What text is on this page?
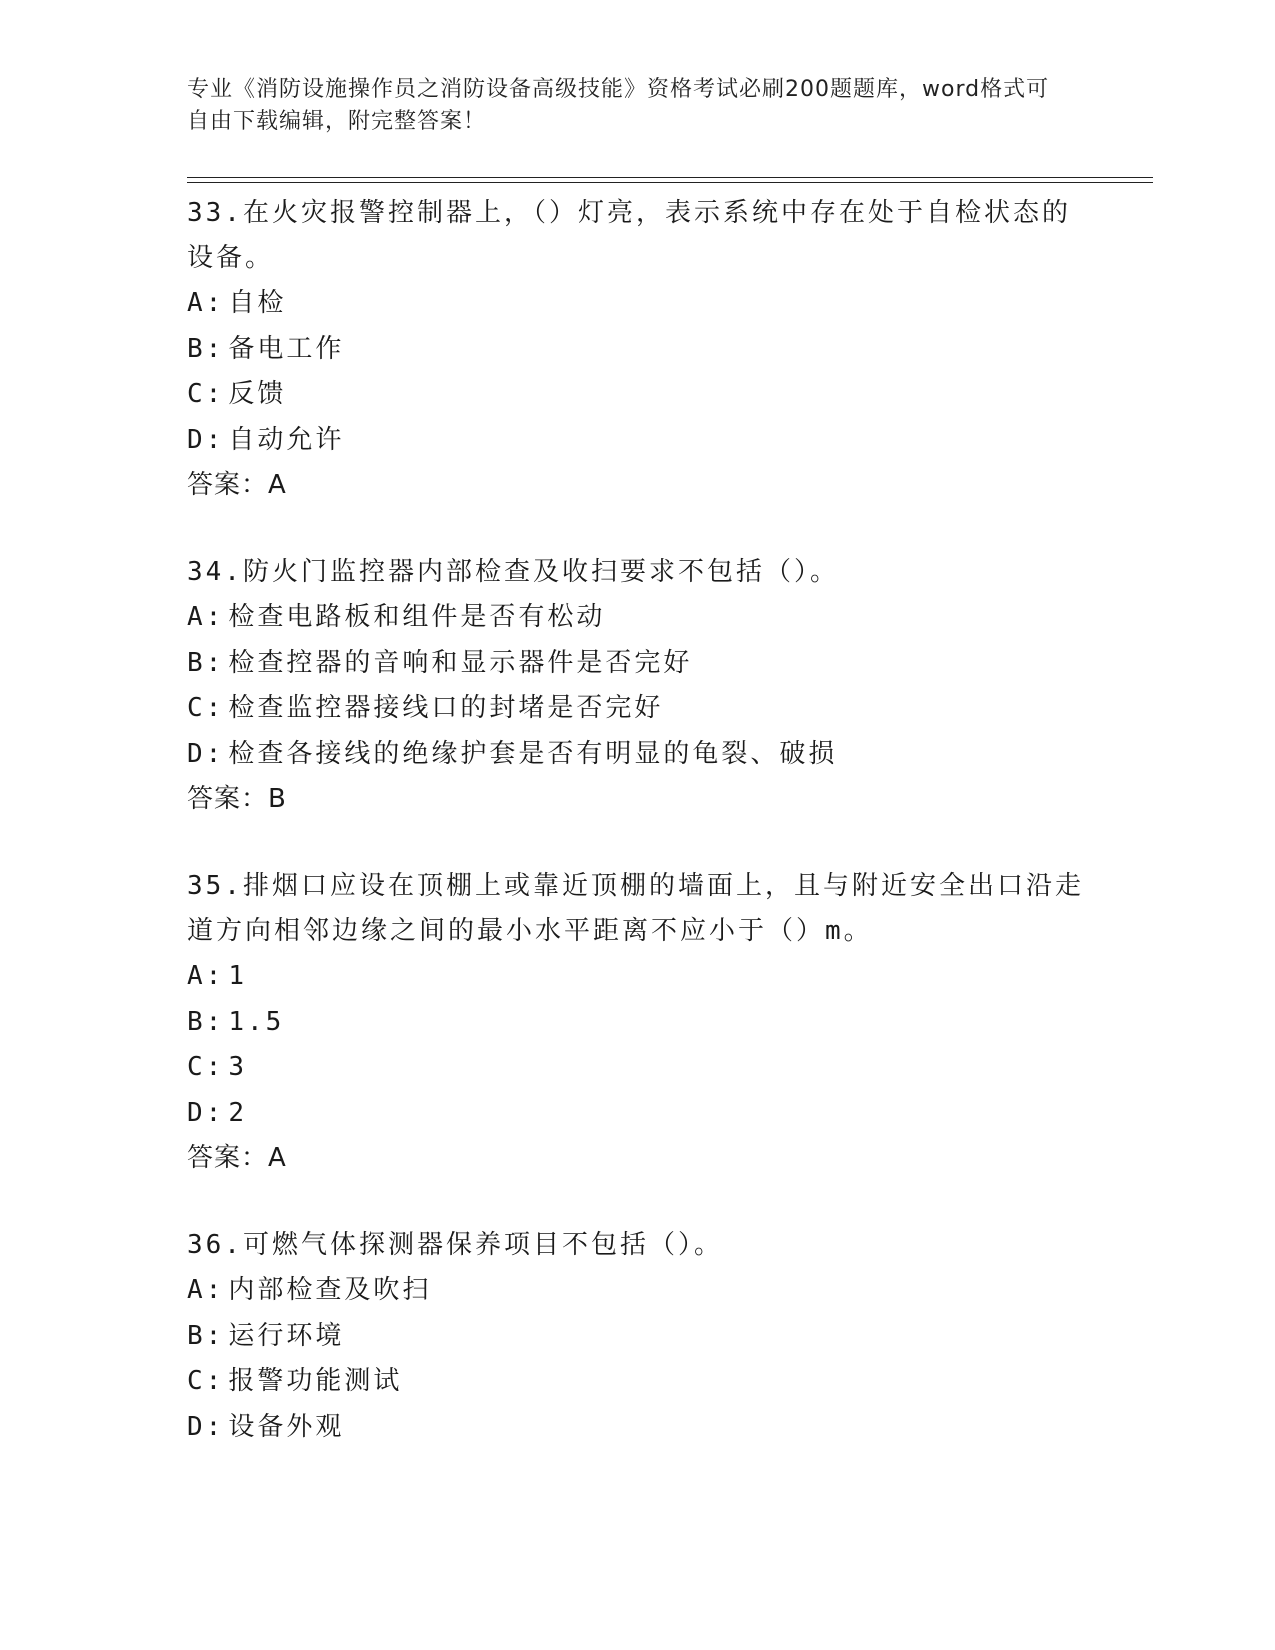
专业《消防设施操作员之消防设备高级技能》资格考试必刷200题题库，word格式可自由下载编辑，附完整答案！

33.在火灾报警控制器上，（）灯亮，表示系统中存在处于自检状态的设备。

A: 自检

B: 备电工作

C: 反馈

D: 自动允许

答案：A

34.防火门监控器内部检查及收扫要求不包括（）。

A: 检查电路板和组件是否有松动

B: 检查控器的音响和显示器件是否完好

C: 检查监控器接线口的封堵是否完好

D: 检查各接线的绝缘护套是否有明显的龟裂、破损

答案：B

35.排烟口应设在顶棚上或靠近顶棚的墙面上，且与附近安全出口沿走道方向相邻边缘之间的最小水平距离不应小于（）m。

A: 1

B: 1.5

C: 3

D: 2

答案：A

36.可燃气体探测器保养项目不包括（）。

A: 内部检查及吹扫

B: 运行环境

C: 报警功能测试

D: 设备外观
